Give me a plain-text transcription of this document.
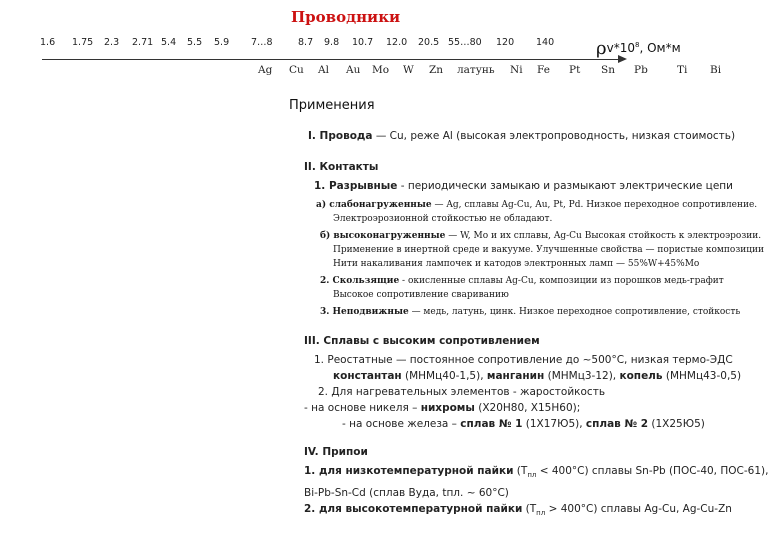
Проводники
1.6 1.75 2.3 2.71 5.4 5.5 5.9 7…8	8.7 9.8 10.7 12.0 20.5 55…80 120 140 $\rho v*10^8$, Ом*м
Ag Cu Al Au Mo W Zn латунь Ni Fe Pt Sn Pb	Ti Bi
Применения
I. Провода — Cu, реже Al (высокая электропроводность, низкая стоимость)
II. Контакты
1. Разрывные - периодически замыкаю и размыкают электрические цепи
а) слабонагруженные — Ag, сплавы Ag-Cu, Au, Pt, Pd. Низкое переходное сопротивление.
Электроэрозионной стойкостью не обладают.
б) высоконагруженные — W, Mo и их сплавы, Ag-Cu Высокая стойкость к электроэрозии.
Применение в инертной среде и вакууме. Улучшенные свойства — пористые композиции
Нити накаливания лампочек и катодов электронных ламп — 55%W+45%Mo
2. Скользящие - окисленные сплавы Ag-Cu, композиции из порошков медь-графит
Высокое сопротивление свариванию
3. Неподвижные — медь, латунь, цинк. Низкое переходное сопротивление, стойкость
III. Сплавы с высоким сопротивлением
1. Реостатные — постоянное сопротивление до ~500°С, низкая термо-ЭДС
константан (МНМц40-1,5), манганин (МНМц3-12), копель (МНМц43-0,5)
2. Для нагревательных элементов - жаростойкость
- на основе никеля – нихромы (Х20Н80, Х15Н60);
- на основе железа – сплав № 1 (1Х17Ю5), сплав № 2 (1Х25Ю5)
IV. Припои
1. для низкотемпературной пайки $(T_{пл} < 400^\circ С)$ сплавы Sn-Pb (ПОС-40, ПОС-61),
Bi-Pb-Sn-Cd (сплав Вуда, tпл. ~ 60°С)
2. для высокотемпературной пайки $(T_{пл} > 400^\circ С)$ сплавы Ag-Cu, Ag-Cu-Zn
